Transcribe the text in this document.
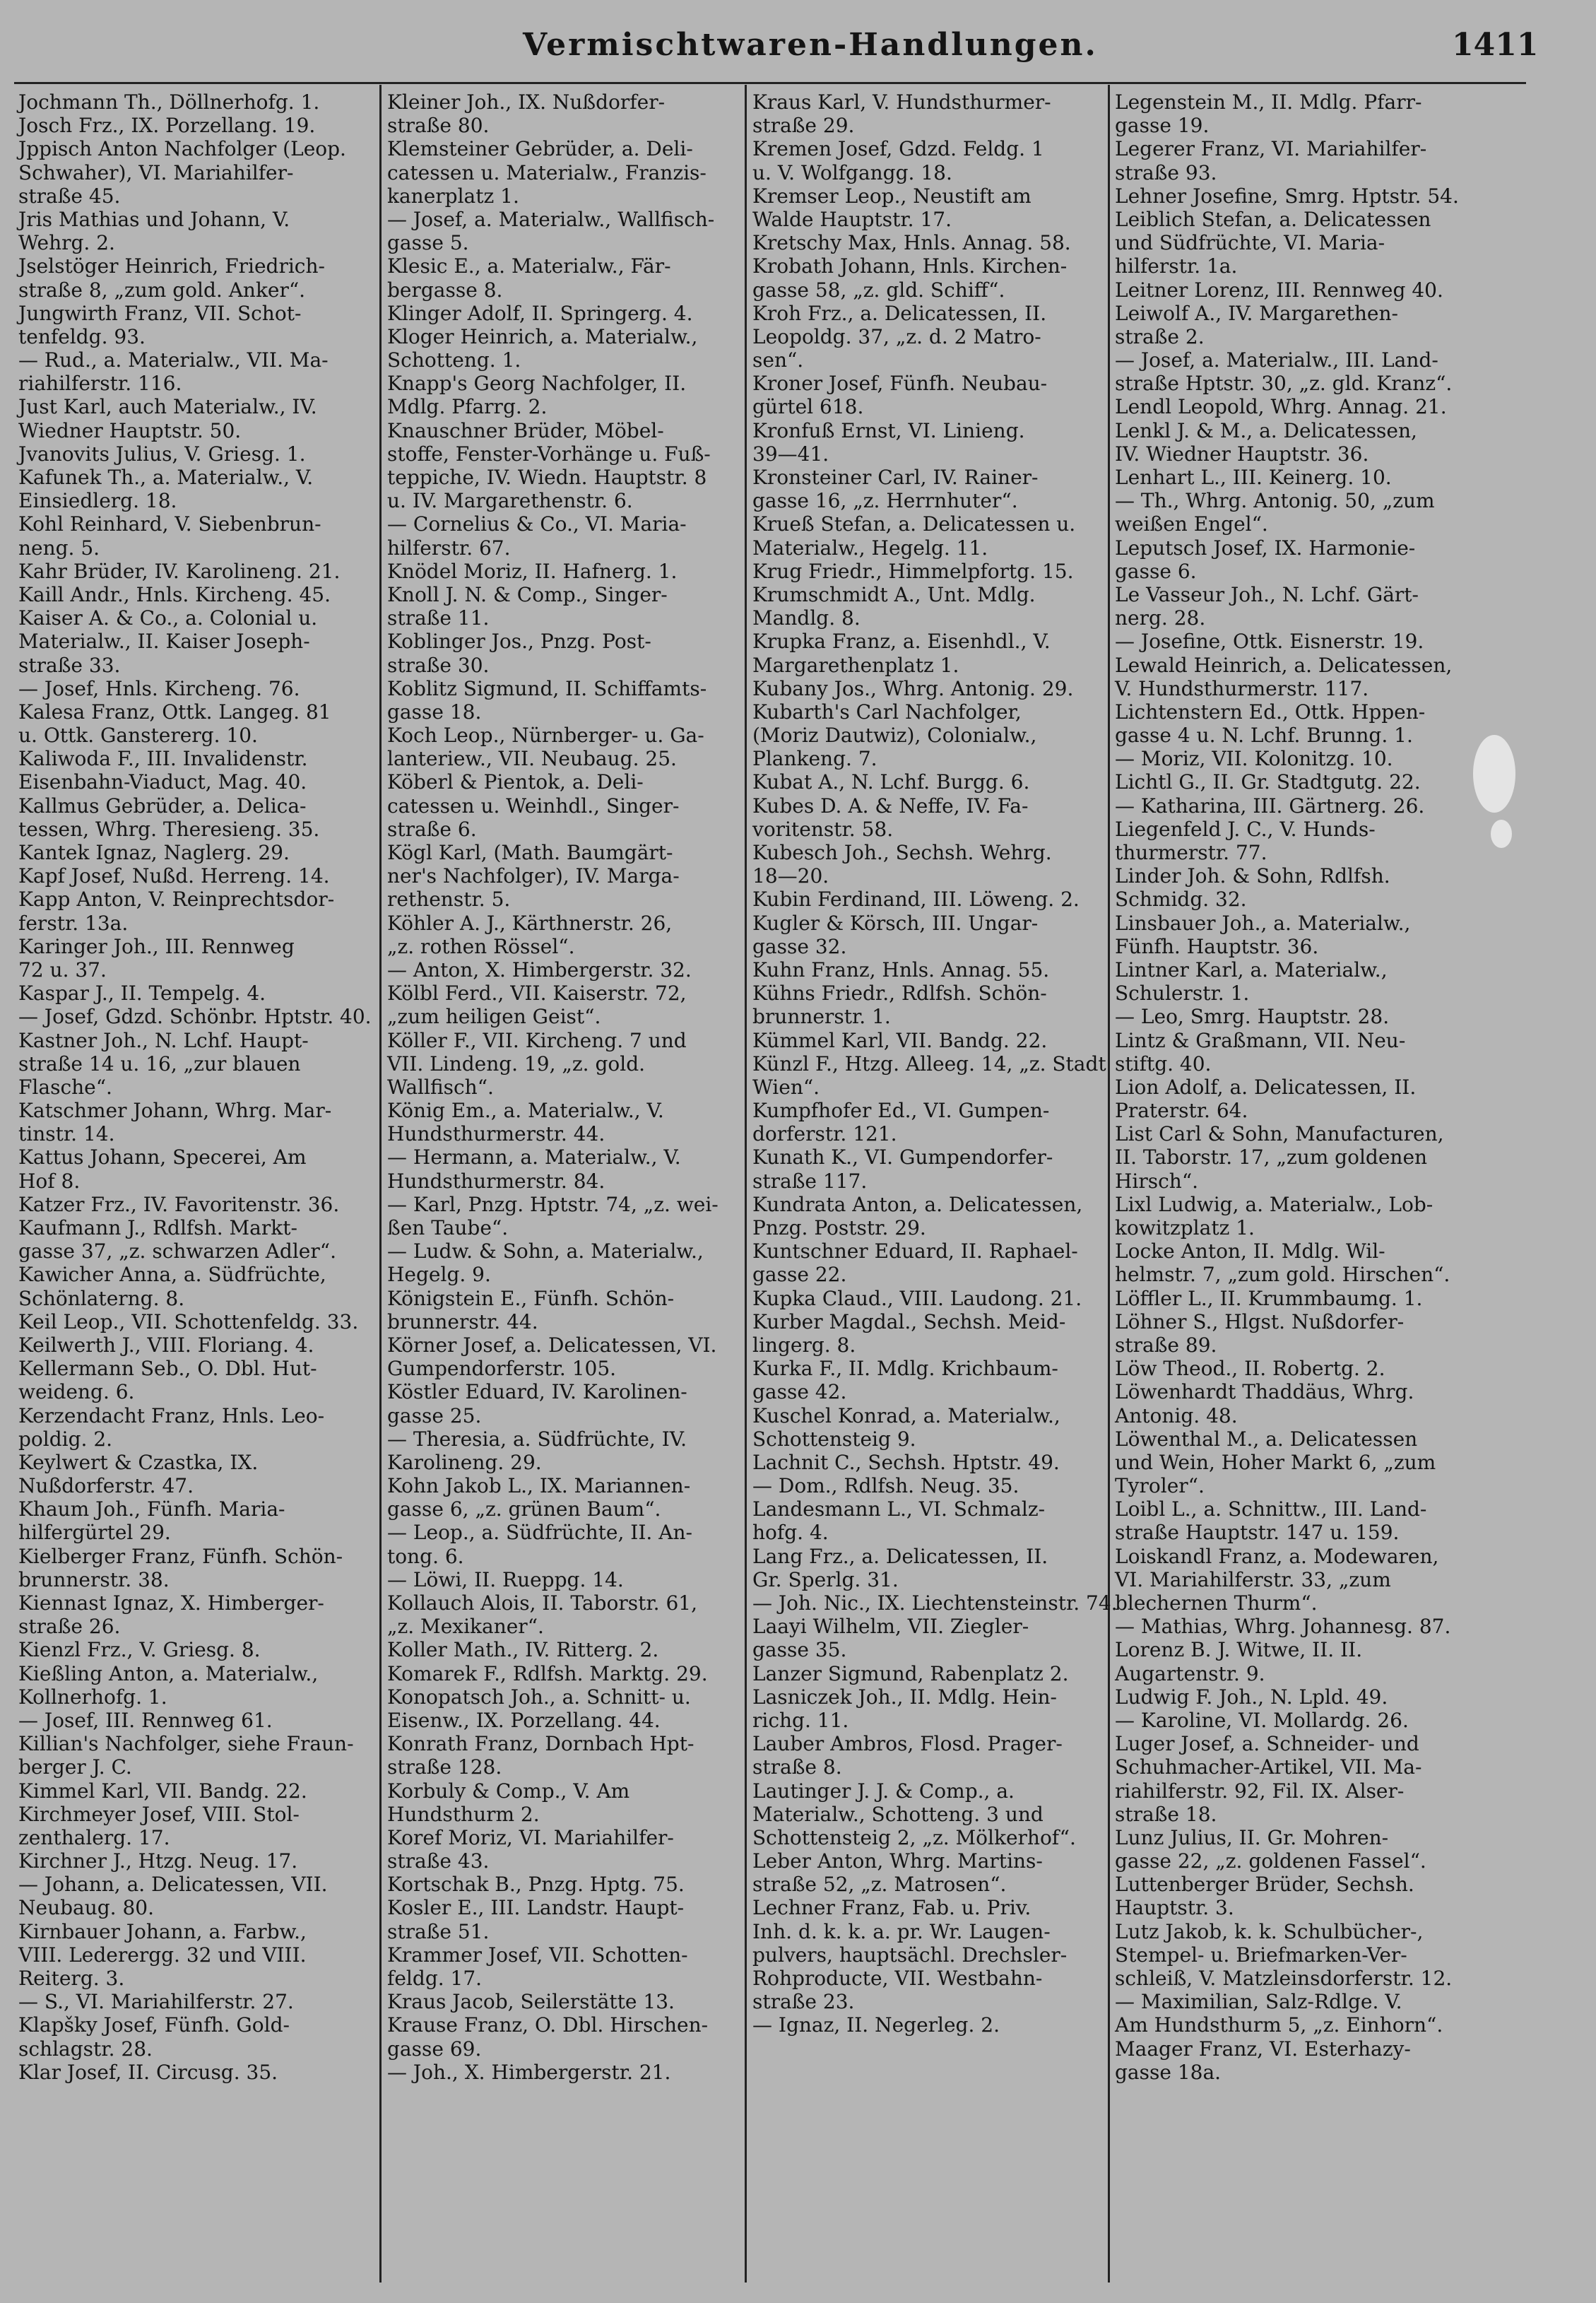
Vermischtwaren-Handlungen.	1411
Jochmann Th., Döllnerhofg. 1.
Josch Frz., IX. Porzellang. 19.
Jppisch Anton Nachfolger (Leop.
Schwaher), VI. Mariahilfer-
straße 45.
Jris Mathias und Johann, V.
Wehrg. 2.
Jselstöger Heinrich, Friedrich-
straße 8, „zum gold. Anker“.
Jungwirth Franz, VII. Schot-
tenfeldg. 93.
— Rud., a. Materialw., VII. Ma-
riahilferstr. 116.
Just Karl, auch Materialw., IV.
Wiedner Hauptstr. 50.
Jvanovits Julius, V. Griesg. 1.
Kafunek Th., a. Materialw., V.
Einsiedlerg. 18.
Kohl Reinhard, V. Siebenbrun-
neng. 5.
Kahr Brüder, IV. Karolineng. 21.
Kaill Andr., Hnls. Kircheng. 45.
Kaiser A. & Co., a. Colonial u.
Materialw., II. Kaiser Joseph-
straße 33.
— Josef, Hnls. Kircheng. 76.
Kalesa Franz, Ottk. Langeg. 81
u. Ottk. Ganstererg. 10.
Kaliwoda F., III. Invalidenstr.
Eisenbahn-Viaduct, Mag. 40.
Kallmus Gebrüder, a. Delica-
tessen, Whrg. Theresieng. 35.
Kantek Ignaz, Naglerg. 29.
Kapf Josef, Nußd. Herreng. 14.
Kapp Anton, V. Reinprechtsdor-
ferstr. 13a.
Karinger Joh., III. Rennweg
72 u. 37.
Kaspar J., II. Tempelg. 4.
— Josef, Gdzd. Schönbr. Hptstr. 40.
Kastner Joh., N. Lchf. Haupt-
straße 14 u. 16, „zur blauen
Flasche“.
Katschmer Johann, Whrg. Mar-
tinstr. 14.
Kattus Johann, Specerei, Am
Hof 8.
Katzer Frz., IV. Favoritenstr. 36.
Kaufmann J., Rdlfsh. Markt-
gasse 37, „z. schwarzen Adler“.
Kawicher Anna, a. Südfrüchte,
Schönlaterng. 8.
Keil Leop., VII. Schottenfeldg. 33.
Keilwerth J., VIII. Floriang. 4.
Kellermann Seb., O. Dbl. Hut-
weideng. 6.
Kerzendacht Franz, Hnls. Leo-
poldig. 2.
Keylwert & Czastka, IX.
Nußdorferstr. 47.
Khaum Joh., Fünfh. Maria-
hilfergürtel 29.
Kielberger Franz, Fünfh. Schön-
brunnerstr. 38.
Kiennast Ignaz, X. Himberger-
straße 26.
Kienzl Frz., V. Griesg. 8.
Kießling Anton, a. Materialw.,
Kollnerhofg. 1.
— Josef, III. Rennweg 61.
Killian's Nachfolger, siehe Fraun-
berger J. C.
Kimmel Karl, VII. Bandg. 22.
Kirchmeyer Josef, VIII. Stol-
zenthalerg. 17.
Kirchner J., Htzg. Neug. 17.
— Johann, a. Delicatessen, VII.
Neubaug. 80.
Kirnbauer Johann, a. Farbw.,
VIII. Lederergg. 32 und VIII.
Reiterg. 3.
— S., VI. Mariahilferstr. 27.
Klapšky Josef, Fünfh. Gold-
schlagstr. 28.
Klar Josef, II. Circusg. 35.
Kleiner Joh., IX. Nußdorfer-
straße 80.
Klemsteiner Gebrüder, a. Deli-
catessen u. Materialw., Franzis-
kanerplatz 1.
— Josef, a. Materialw., Wallfisch-
gasse 5.
Klesic E., a. Materialw., Fär-
bergasse 8.
Klinger Adolf, II. Springerg. 4.
Kloger Heinrich, a. Materialw.,
Schotteng. 1.
Knapp's Georg Nachfolger, II.
Mdlg. Pfarrg. 2.
Knauschner Brüder, Möbel-
stoffe, Fenster-Vorhänge u. Fuß-
teppiche, IV. Wiedn. Hauptstr. 8
u. IV. Margarethenstr. 6.
— Cornelius & Co., VI. Maria-
hilferstr. 67.
Knödel Moriz, II. Hafnerg. 1.
Knoll J. N. & Comp., Singer-
straße 11.
Koblinger Jos., Pnzg. Post-
straße 30.
Koblitz Sigmund, II. Schiffamts-
gasse 18.
Koch Leop., Nürnberger- u. Ga-
lanteriew., VII. Neubaug. 25.
Köberl & Pientok, a. Deli-
catessen u. Weinhdl., Singer-
straße 6.
Kögl Karl, (Math. Baumgärt-
ner's Nachfolger), IV. Marga-
rethenstr. 5.
Köhler A. J., Kärthnerstr. 26,
„z. rothen Rössel“.
— Anton, X. Himbergerstr. 32.
Kölbl Ferd., VII. Kaiserstr. 72,
„zum heiligen Geist“.
Köller F., VII. Kircheng. 7 und
VII. Lindeng. 19, „z. gold.
Wallfisch“.
König Em., a. Materialw., V.
Hundsthurmerstr. 44.
— Hermann, a. Materialw., V.
Hundsthurmerstr. 84.
— Karl, Pnzg. Hptstr. 74, „z. wei-
ßen Taube“.
— Ludw. & Sohn, a. Materialw.,
Hegelg. 9.
Königstein E., Fünfh. Schön-
brunnerstr. 44.
Körner Josef, a. Delicatessen, VI.
Gumpendorferstr. 105.
Köstler Eduard, IV. Karolinen-
gasse 25.
— Theresia, a. Südfrüchte, IV.
Karolineng. 29.
Kohn Jakob L., IX. Mariannen-
gasse 6, „z. grünen Baum“.
— Leop., a. Südfrüchte, II. An-
tong. 6.
— Löwi, II. Rueppg. 14.
Kollauch Alois, II. Taborstr. 61,
„z. Mexikaner“.
Koller Math., IV. Ritterg. 2.
Komarek F., Rdlfsh. Marktg. 29.
Konopatsch Joh., a. Schnitt- u.
Eisenw., IX. Porzellang. 44.
Konrath Franz, Dornbach Hpt-
straße 128.
Korbuly & Comp., V. Am
Hundsthurm 2.
Koref Moriz, VI. Mariahilfer-
straße 43.
Kortschak B., Pnzg. Hptg. 75.
Kosler E., III. Landstr. Haupt-
straße 51.
Krammer Josef, VII. Schotten-
feldg. 17.
Kraus Jacob, Seilerstätte 13.
Krause Franz, O. Dbl. Hirschen-
gasse 69.
— Joh., X. Himbergerstr. 21.
Kraus Karl, V. Hundsthurmer-
straße 29.
Kremen Josef, Gdzd. Feldg. 1
u. V. Wolfgangg. 18.
Kremser Leop., Neustift am
Walde Hauptstr. 17.
Kretschy Max, Hnls. Annag. 58.
Krobath Johann, Hnls. Kirchen-
gasse 58, „z. gld. Schiff“.
Kroh Frz., a. Delicatessen, II.
Leopoldg. 37, „z. d. 2 Matro-
sen“.
Kroner Josef, Fünfh. Neubau-
gürtel 618.
Kronfuß Ernst, VI. Linieng.
39—41.
Kronsteiner Carl, IV. Rainer-
gasse 16, „z. Herrnhuter“.
Krueß Stefan, a. Delicatessen u.
Materialw., Hegelg. 11.
Krug Friedr., Himmelpfortg. 15.
Krumschmidt A., Unt. Mdlg.
Mandlg. 8.
Krupka Franz, a. Eisenhdl., V.
Margarethenplatz 1.
Kubany Jos., Whrg. Antonig. 29.
Kubarth's Carl Nachfolger,
(Moriz Dautwiz), Colonialw.,
Plankeng. 7.
Kubat A., N. Lchf. Burgg. 6.
Kubes D. A. & Neffe, IV. Fa-
voritenstr. 58.
Kubesch Joh., Sechsh. Wehrg.
18—20.
Kubin Ferdinand, III. Löweng. 2.
Kugler & Körsch, III. Ungar-
gasse 32.
Kuhn Franz, Hnls. Annag. 55.
Kühns Friedr., Rdlfsh. Schön-
brunnerstr. 1.
Kümmel Karl, VII. Bandg. 22.
Künzl F., Htzg. Alleeg. 14, „z. Stadt
Wien“.
Kumpfhofer Ed., VI. Gumpen-
dorferstr. 121.
Kunath K., VI. Gumpendorfer-
straße 117.
Kundrata Anton, a. Delicatessen,
Pnzg. Poststr. 29.
Kuntschner Eduard, II. Raphael-
gasse 22.
Kupka Claud., VIII. Laudong. 21.
Kurber Magdal., Sechsh. Meid-
lingerg. 8.
Kurka F., II. Mdlg. Krichbaum-
gasse 42.
Kuschel Konrad, a. Materialw.,
Schottensteig 9.
Lachnit C., Sechsh. Hptstr. 49.
— Dom., Rdlfsh. Neug. 35.
Landesmann L., VI. Schmalz-
hofg. 4.
Lang Frz., a. Delicatessen, II.
Gr. Sperlg. 31.
— Joh. Nic., IX. Liechtensteinstr. 74.
Laayi Wilhelm, VII. Ziegler-
gasse 35.
Lanzer Sigmund, Rabenplatz 2.
Lasniczek Joh., II. Mdlg. Hein-
richg. 11.
Lauber Ambros, Flosd. Prager-
straße 8.
Lautinger J. J. & Comp., a.
Materialw., Schotteng. 3 und
Schottensteig 2, „z. Mölkerhof“.
Leber Anton, Whrg. Martins-
straße 52, „z. Matrosen“.
Lechner Franz, Fab. u. Priv.
Inh. d. k. k. a. pr. Wr. Laugen-
pulvers, hauptsächl. Drechsler-
Rohproducte, VII. Westbahn-
straße 23.
— Ignaz, II. Negerleg. 2.
Legenstein M., II. Mdlg. Pfarr-
gasse 19.
Legerer Franz, VI. Mariahilfer-
straße 93.
Lehner Josefine, Smrg. Hptstr. 54.
Leiblich Stefan, a. Delicatessen
und Südfrüchte, VI. Maria-
hilferstr. 1a.
Leitner Lorenz, III. Rennweg 40.
Leiwolf A., IV. Margarethen-
straße 2.
— Josef, a. Materialw., III. Land-
straße Hptstr. 30, „z. gld. Kranz“.
Lendl Leopold, Whrg. Annag. 21.
Lenkl J. & M., a. Delicatessen,
IV. Wiedner Hauptstr. 36.
Lenhart L., III. Keinerg. 10.
— Th., Whrg. Antonig. 50, „zum
weißen Engel“.
Leputsch Josef, IX. Harmonie-
gasse 6.
Le Vasseur Joh., N. Lchf. Gärt-
nerg. 28.
— Josefine, Ottk. Eisnerstr. 19.
Lewald Heinrich, a. Delicatessen,
V. Hundsthurmerstr. 117.
Lichtenstern Ed., Ottk. Hppen-
gasse 4 u. N. Lchf. Brunng. 1.
— Moriz, VII. Kolonitzg. 10.
Lichtl G., II. Gr. Stadtgutg. 22.
— Katharina, III. Gärtnerg. 26.
Liegenfeld J. C., V. Hunds-
thurmerstr. 77.
Linder Joh. & Sohn, Rdlfsh.
Schmidg. 32.
Linsbauer Joh., a. Materialw.,
Fünfh. Hauptstr. 36.
Lintner Karl, a. Materialw.,
Schulerstr. 1.
— Leo, Smrg. Hauptstr. 28.
Lintz & Graßmann, VII. Neu-
stiftg. 40.
Lion Adolf, a. Delicatessen, II.
Praterstr. 64.
List Carl & Sohn, Manufacturen,
II. Taborstr. 17, „zum goldenen
Hirsch“.
Lixl Ludwig, a. Materialw., Lob-
kowitzplatz 1.
Locke Anton, II. Mdlg. Wil-
helmstr. 7, „zum gold. Hirschen“.
Löffler L., II. Krummbaumg. 1.
Löhner S., Hlgst. Nußdorfer-
straße 89.
Löw Theod., II. Robertg. 2.
Löwenhardt Thaddäus, Whrg.
Antonig. 48.
Löwenthal M., a. Delicatessen
und Wein, Hoher Markt 6, „zum
Tyroler“.
Loibl L., a. Schnittw., III. Land-
straße Hauptstr. 147 u. 159.
Loiskandl Franz, a. Modewaren,
VI. Mariahilferstr. 33, „zum
blechernen Thurm“.
— Mathias, Whrg. Johannesg. 87.
Lorenz B. J. Witwe, II. II.
Augartenstr. 9.
Ludwig F. Joh., N. Lpld. 49.
— Karoline, VI. Mollardg. 26.
Luger Josef, a. Schneider- und
Schuhmacher-Artikel, VII. Ma-
riahilferstr. 92, Fil. IX. Alser-
straße 18.
Lunz Julius, II. Gr. Mohren-
gasse 22, „z. goldenen Fassel“.
Luttenberger Brüder, Sechsh.
Hauptstr. 3.
Lutz Jakob, k. k. Schulbücher-,
Stempel- u. Briefmarken-Ver-
schleiß, V. Matzleinsdorferstr. 12.
— Maximilian, Salz-Rdlge. V.
Am Hundsthurm 5, „z. Einhorn“.
Maager Franz, VI. Esterhazy-
gasse 18a.
